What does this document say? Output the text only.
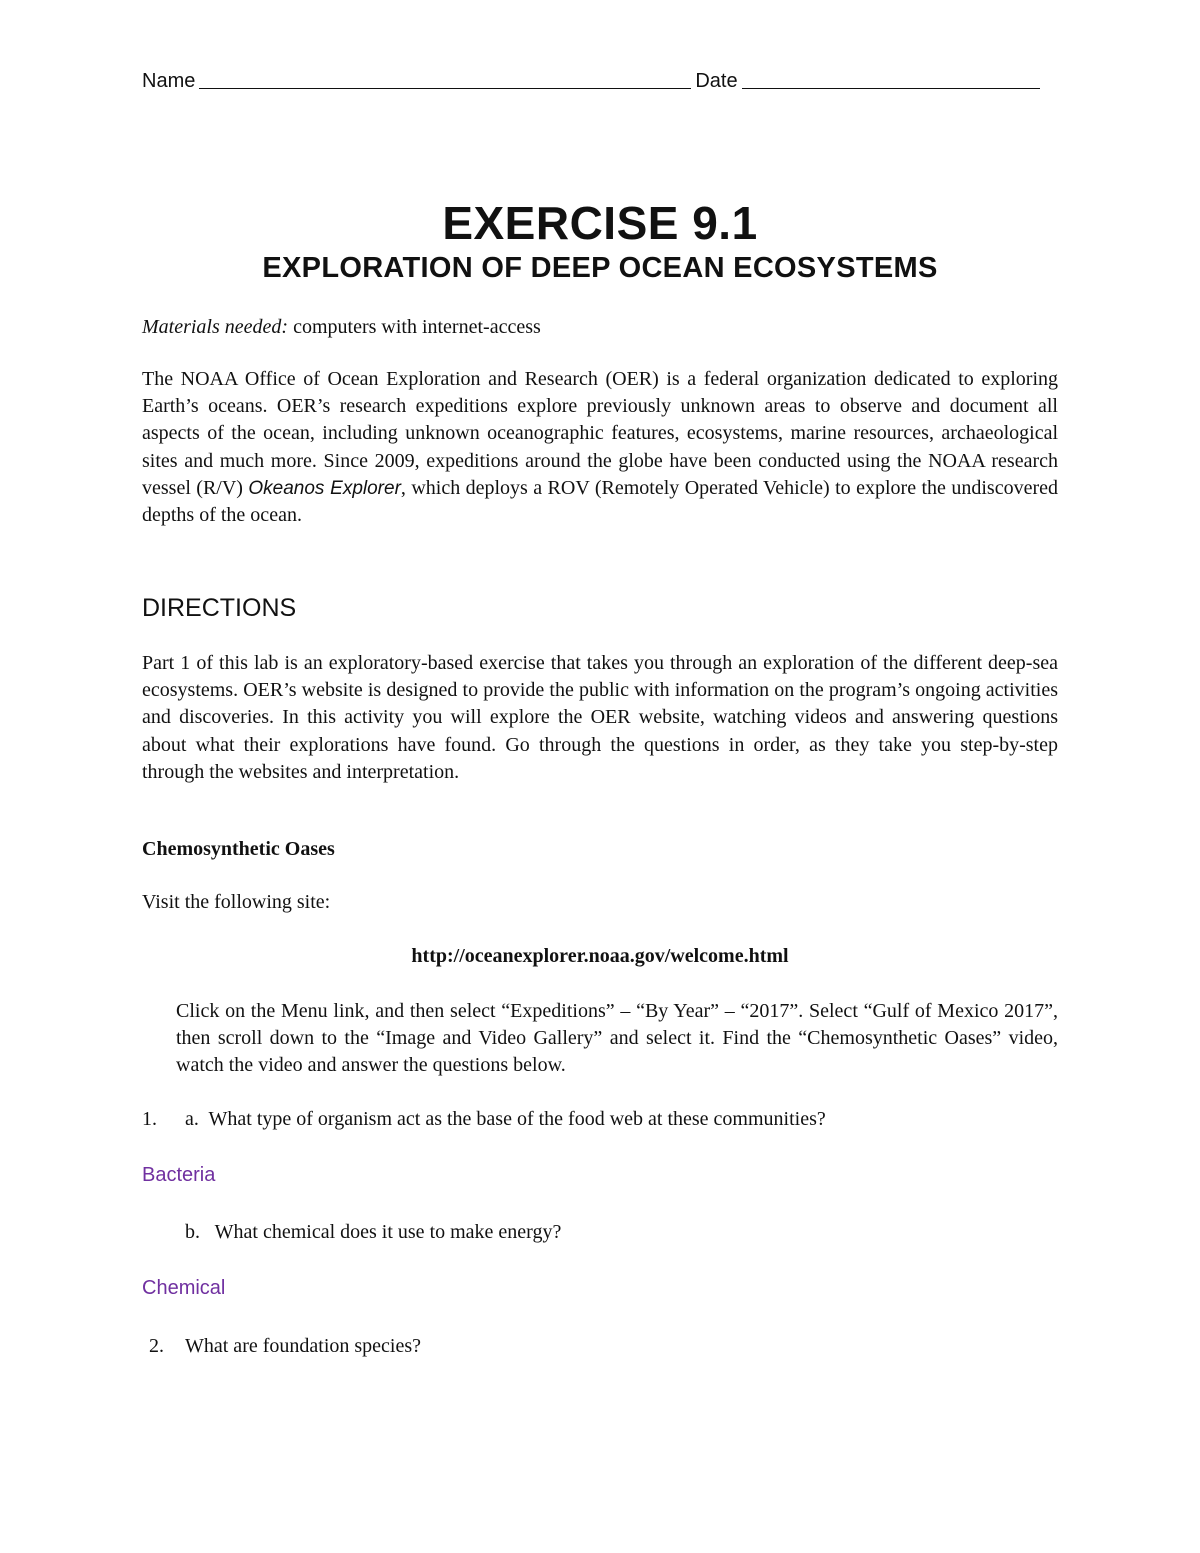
Name	Date
EXERCISE 9.1
EXPLORATION OF DEEP OCEAN ECOSYSTEMS
Materials needed: computers with internet-access
The NOAA Office of Ocean Exploration and Research (OER) is a federal organization dedicated to exploring Earth’s oceans. OER’s research expeditions explore previously unknown areas to observe and document all aspects of the ocean, including unknown oceanographic features, ecosystems, marine resources, archaeological sites and much more. Since 2009, expeditions around the globe have been conducted using the NOAA research vessel (R/V) Okeanos Explorer, which deploys a ROV (Remotely Operated Vehicle) to explore the undiscovered depths of the ocean.
DIRECTIONS
Part 1 of this lab is an exploratory-based exercise that takes you through an exploration of the different deep-sea ecosystems. OER’s website is designed to provide the public with information on the program’s ongoing activities and discoveries. In this activity you will explore the OER website, watching videos and answering questions about what their explorations have found. Go through the questions in order, as they take you step-by-step through the websites and interpretation.
Chemosynthetic Oases
Visit the following site:
http://oceanexplorer.noaa.gov/welcome.html
Click on the Menu link, and then select “Expeditions” – “By Year” – “2017”. Select “Gulf of Mexico 2017”, then scroll down to the “Image and Video Gallery” and select it. Find the “Chemosynthetic Oases” video, watch the video and answer the questions below.
1. a. What type of organism act as the base of the food web at these communities?
Bacteria
b. What chemical does it use to make energy?
Chemical
2. What are foundation species?
